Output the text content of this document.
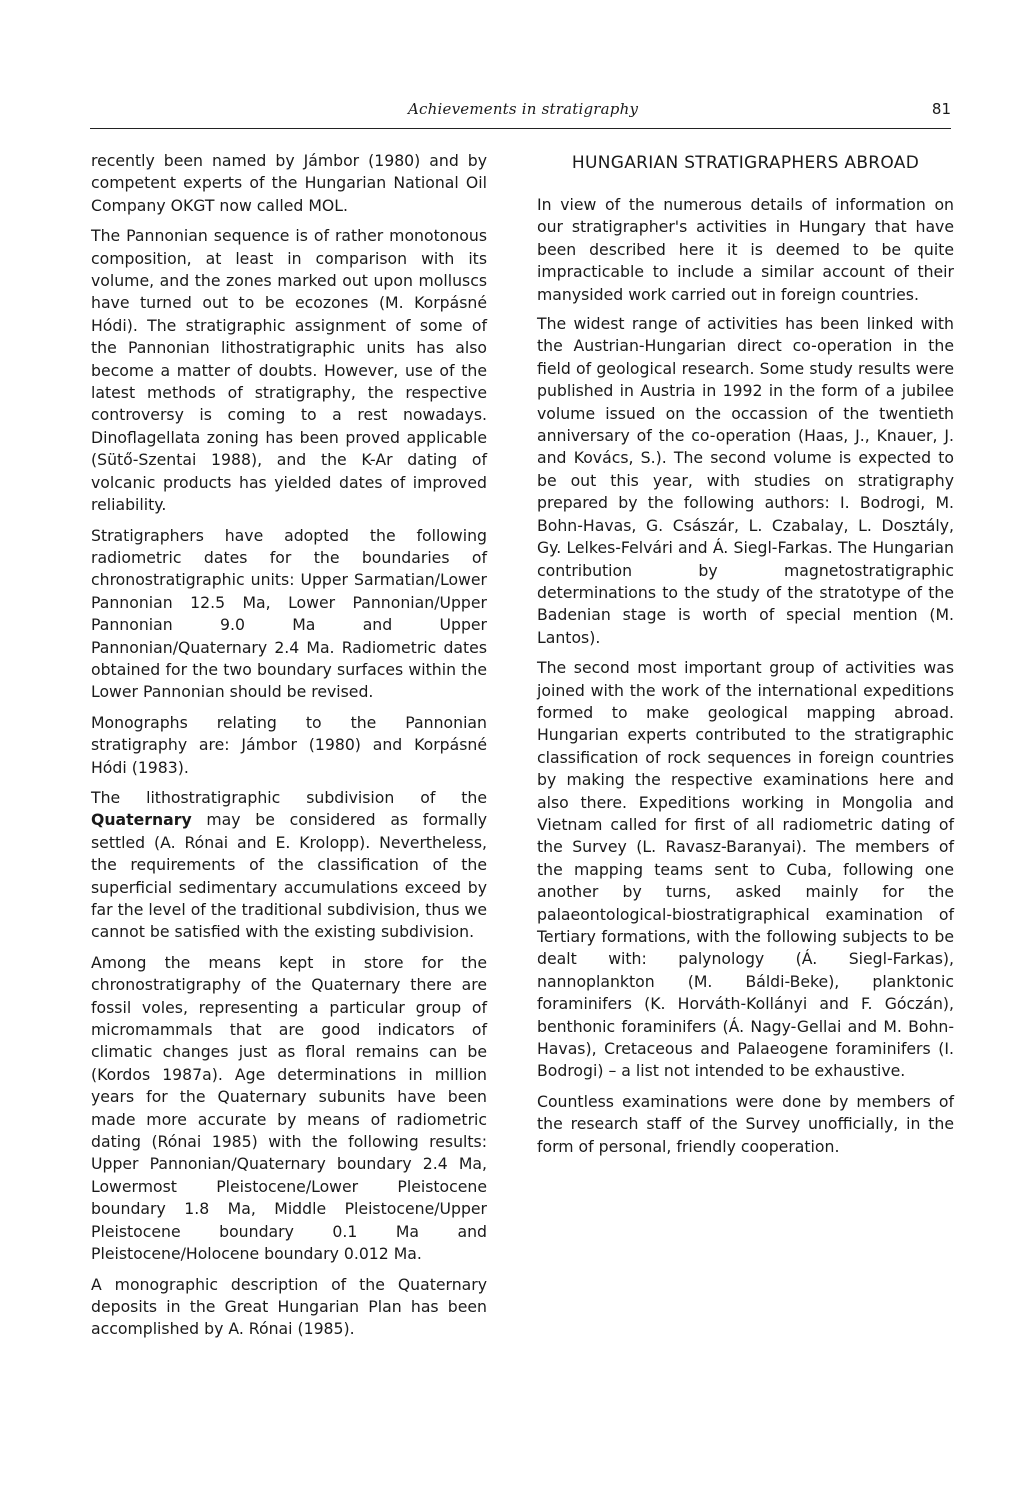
Achievements in stratigraphy	81

recently been named by Jámbor (1980) and by competent experts of the Hungarian National Oil Company OKGT now called MOL.

The Pannonian sequence is of rather monotonous composition, at least in comparison with its volume, and the zones marked out upon molluscs have turned out to be ecozones (M. Korpásné Hódi). The stratigraphic assignment of some of the Pannonian lithostratigraphic units has also become a matter of doubts. However, use of the latest methods of stratigraphy, the respective controversy is coming to a rest nowadays. Dinoflagellata zoning has been proved applicable (Sütő-Szentai 1988), and the K-Ar dating of volcanic products has yielded dates of improved reliability.

Stratigraphers have adopted the following radiometric dates for the boundaries of chronostratigraphic units: Upper Sarmatian/Lower Pannonian 12.5 Ma, Lower Pannonian/Upper Pannonian 9.0 Ma and Upper Pannonian/Quaternary 2.4 Ma. Radiometric dates obtained for the two boundary surfaces within the Lower Pannonian should be revised.

Monographs relating to the Pannonian stratigraphy are: Jámbor (1980) and Korpásné Hódi (1983).

The lithostratigraphic subdivision of the Quaternary may be considered as formally settled (A. Rónai and E. Krolopp). Nevertheless, the requirements of the classification of the superficial sedimentary accumulations exceed by far the level of the traditional subdivision, thus we cannot be satisfied with the existing subdivision.

Among the means kept in store for the chronostratigraphy of the Quaternary there are fossil voles, representing a particular group of micromammals that are good indicators of climatic changes just as floral remains can be (Kordos 1987a). Age determinations in million years for the Quaternary subunits have been made more accurate by means of radiometric dating (Rónai 1985) with the following results: Upper Pannonian/Quaternary boundary 2.4 Ma, Lowermost Pleistocene/Lower Pleistocene boundary 1.8 Ma, Middle Pleistocene/Upper Pleistocene boundary 0.1 Ma and Pleistocene/Holocene boundary 0.012 Ma.

A monographic description of the Quaternary deposits in the Great Hungarian Plan has been accomplished by A. Rónai (1985).

HUNGARIAN STRATIGRAPHERS ABROAD

In view of the numerous details of information on our stratigrapher's activities in Hungary that have been described here it is deemed to be quite impracticable to include a similar account of their manysided work carried out in foreign countries.

The widest range of activities has been linked with the Austrian-Hungarian direct co-operation in the field of geological research. Some study results were published in Austria in 1992 in the form of a jubilee volume issued on the occassion of the twentieth anniversary of the co-operation (Haas, J., Knauer, J. and Kovács, S.). The second volume is expected to be out this year, with studies on stratigraphy prepared by the following authors: I. Bodrogi, M. Bohn-Havas, G. Császár, L. Czabalay, L. Dosztály, Gy. Lelkes-Felvári and Á. Siegl-Farkas. The Hungarian contribution by magnetostratigraphic determinations to the study of the stratotype of the Badenian stage is worth of special mention (M. Lantos).

The second most important group of activities was joined with the work of the international expeditions formed to make geological mapping abroad. Hungarian experts contributed to the stratigraphic classification of rock sequences in foreign countries by making the respective examinations here and also there. Expeditions working in Mongolia and Vietnam called for first of all radiometric dating of the Survey (L. Ravasz-Baranyai). The members of the mapping teams sent to Cuba, following one another by turns, asked mainly for the palaeontological-biostratigraphical examination of Tertiary formations, with the following subjects to be dealt with: palynology (Á. Siegl-Farkas), nannoplankton (M. Báldi-Beke), planktonic foraminifers (K. Horváth-Kollányi and F. Góczán), benthonic foraminifers (Á. Nagy-Gellai and M. Bohn-Havas), Cretaceous and Palaeogene foraminifers (I. Bodrogi) – a list not intended to be exhaustive.

Countless examinations were done by members of the research staff of the Survey unofficially, in the form of personal, friendly cooperation.
